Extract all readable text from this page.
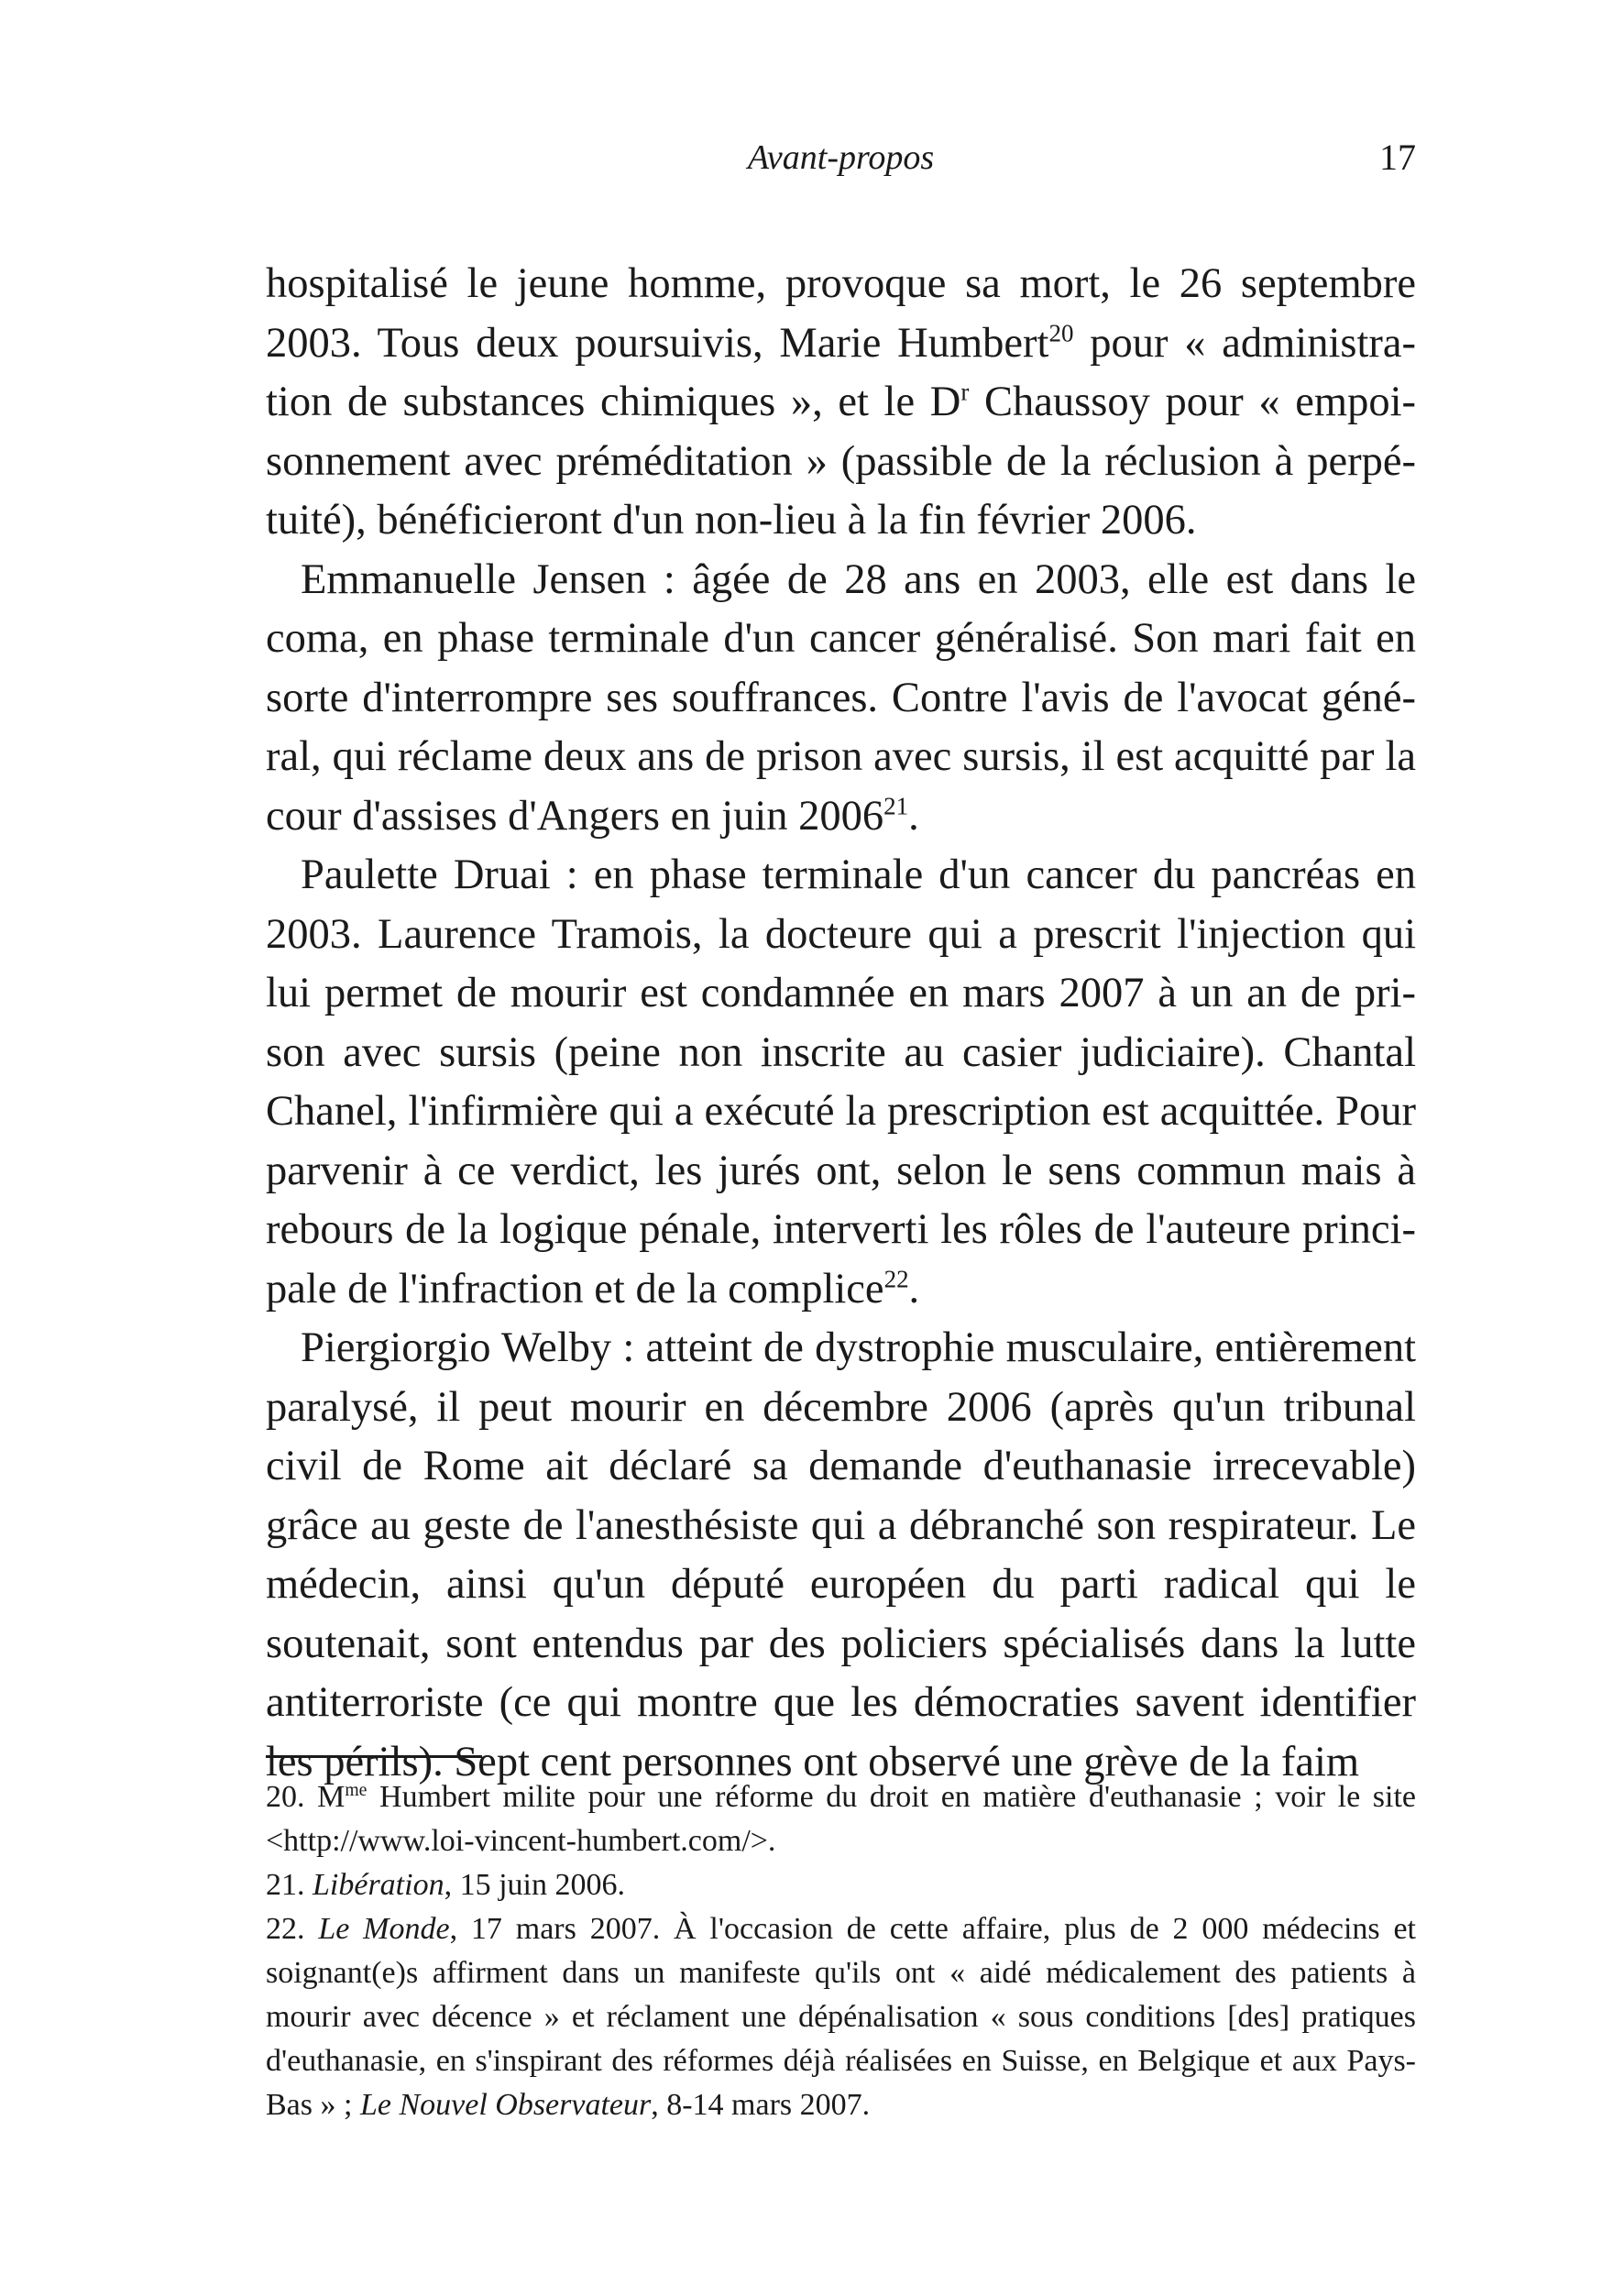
Avant-propos	17

hospitalisé le jeune homme, provoque sa mort, le 26 septembre 2003. Tous deux poursuivis, Marie Humbert$^{20}$ pour « administration de substances chimiques », et le $D^r$ Chaussoy pour « empoisonnement avec préméditation » (passible de la réclusion à perpétuité), bénéficieront d'un non-lieu à la fin février 2006.

Emmanuelle Jensen : âgée de 28 ans en 2003, elle est dans le coma, en phase terminale d'un cancer généralisé. Son mari fait en sorte d'interrompre ses souffrances. Contre l'avis de l'avocat général, qui réclame deux ans de prison avec sursis, il est acquitté par la cour d'assises d'Angers en juin 2006$^{21}$.

Paulette Druai : en phase terminale d'un cancer du pancréas en 2003. Laurence Tramois, la docteure qui a prescrit l'injection qui lui permet de mourir est condamnée en mars 2007 à un an de prison avec sursis (peine non inscrite au casier judiciaire). Chantal Chanel, l'infirmière qui a exécuté la prescription est acquittée. Pour parvenir à ce verdict, les jurés ont, selon le sens commun mais à rebours de la logique pénale, interverti les rôles de l'auteure principale de l'infraction et de la complice$^{22}$.

Piergiorgio Welby : atteint de dystrophie musculaire, entièrement paralysé, il peut mourir en décembre 2006 (après qu'un tribunal civil de Rome ait déclaré sa demande d'euthanasie irrecevable) grâce au geste de l'anesthésiste qui a débranché son respirateur. Le médecin, ainsi qu'un député européen du parti radical qui le soutenait, sont entendus par des policiers spécialisés dans la lutte antiterroriste (ce qui montre que les démocraties savent identifier les périls). Sept cent personnes ont observé une grève de la faim

20. $M^{me}$ Humbert milite pour une réforme du droit en matière d'euthanasie ; voir le site <http://www.loi-vincent-humbert.com/>.

21. Libération, 15 juin 2006.

22. Le Monde, 17 mars 2007. À l'occasion de cette affaire, plus de 2 000 médecins et soignant(e)s affirment dans un manifeste qu'ils ont « aidé médicalement des patients à mourir avec décence » et réclament une dépénalisation « sous conditions [des] pratiques d'euthanasie, en s'inspirant des réformes déjà réalisées en Suisse, en Belgique et aux Pays-Bas » ; Le Nouvel Observateur, 8-14 mars 2007.
